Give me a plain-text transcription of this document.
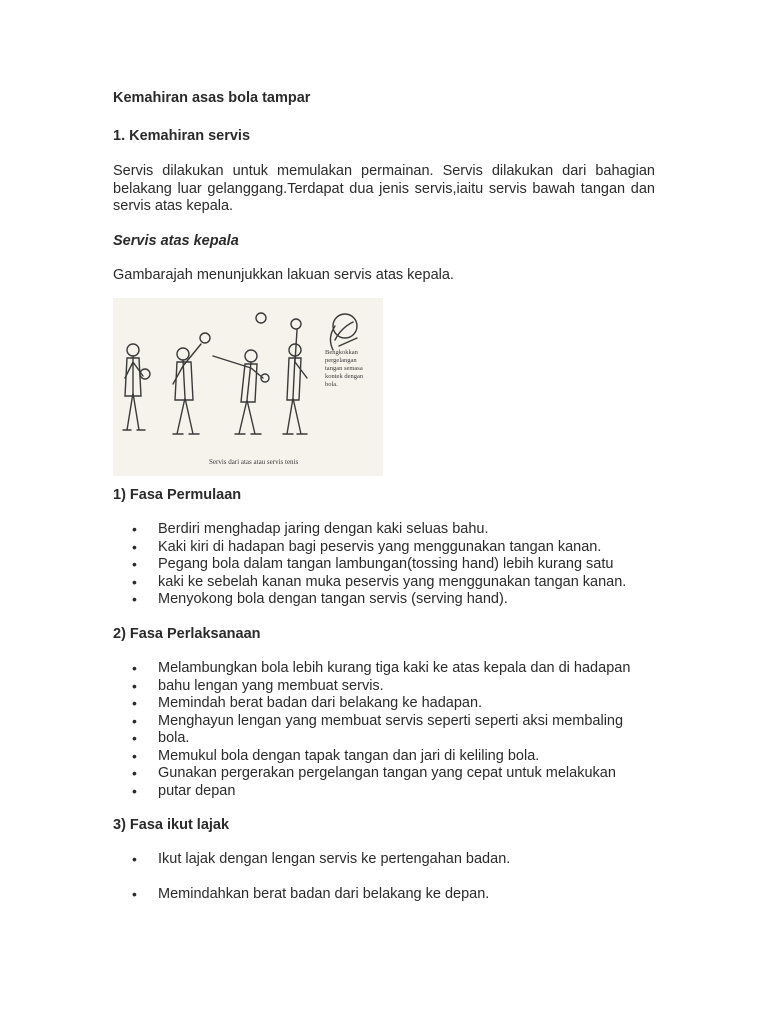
Kemahiran asas bola tampar
1. Kemahiran servis

Servis dilakukan untuk memulakan permainan. Servis dilakukan dari bahagian belakang luar gelanggang.Terdapat dua jenis servis,iaitu servis bawah tangan dan servis atas kepala.

Servis atas kepala

Gambarajah menunjukkan lakuan servis atas kepala.

Bengkokkan
pergelangan
tangan semasa
kontek dengan
bola.
Servis dari atas atau servis tenis
1) Fasa Permulaan
• Berdiri menghadap jaring dengan kaki seluas bahu.
• Kaki kiri di hadapan bagi peservis yang menggunakan tangan kanan.
• Pegang bola dalam tangan lambungan(tossing hand) lebih kurang satu
• kaki ke sebelah kanan muka peservis yang menggunakan tangan kanan.
• Menyokong bola dengan tangan servis (serving hand).
2) Fasa Perlaksanaan
• Melambungkan bola lebih kurang tiga kaki ke atas kepala dan di hadapan
• bahu lengan yang membuat servis.
• Memindah berat badan dari belakang ke hadapan.
• Menghayun lengan yang membuat servis seperti seperti aksi membaling
• bola.
• Memukul bola dengan tapak tangan dan jari di keliling bola.
• Gunakan pergerakan pergelangan tangan yang cepat untuk melakukan
• putar depan
3) Fasa ikut lajak
• Ikut lajak dengan lengan servis ke pertengahan badan.
• Memindahkan berat badan dari belakang ke depan.
